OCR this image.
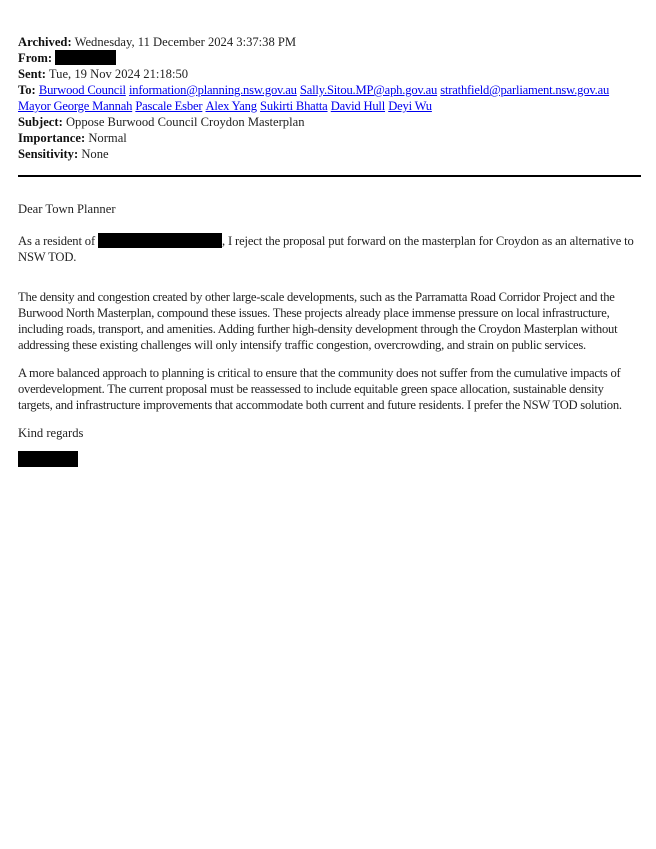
Archived: Wednesday, 11 December 2024 3:37:38 PM
From:
Sent: Tue, 19 Nov 2024 21:18:50
To: Burwood Council information@planning.nsw.gov.au Sally.Sitou.MP@aph.gov.au strathfield@parliament.nsw.gov.au Mayor George Mannah Pascale Esber Alex Yang Sukirti Bhatta David Hull Deyi Wu
Subject: Oppose Burwood Council Croydon Masterplan
Importance: Normal
Sensitivity: None

Dear Town Planner

As a resident of	, I reject the proposal put forward on the masterplan for Croydon as an alternative to NSW TOD.

The density and congestion created by other large-scale developments, such as the Parramatta Road Corridor Project and the Burwood North Masterplan, compound these issues. These projects already place immense pressure on local infrastructure, including roads, transport, and amenities. Adding further high-density development through the Croydon Masterplan without addressing these existing challenges will only intensify traffic congestion, overcrowding, and strain on public services.

A more balanced approach to planning is critical to ensure that the community does not suffer from the cumulative impacts of overdevelopment. The current proposal must be reassessed to include equitable green space allocation, sustainable density targets, and infrastructure improvements that accommodate both current and future residents. I prefer the NSW TOD solution.

Kind regards
